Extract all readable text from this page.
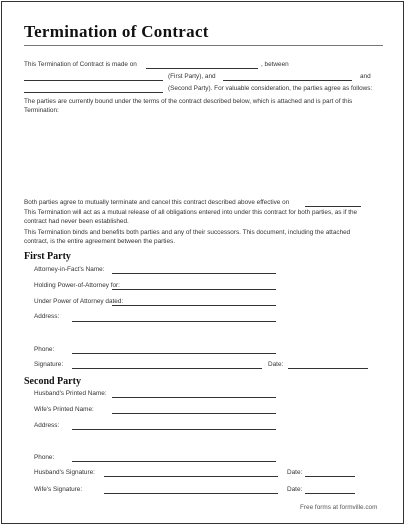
Termination of Contract
This Termination of Contract is made on	, between
(First Party), and	and
(Second Party). For valuable consideration, the parties agree as follows:
The parties are currently bound under the terms of the contract described below, which is attached and is part of this
Termination:
Both parties agree to mutually terminate and cancel this contract described above effective on
This Termination will act as a mutual release of all obligations entered into under this contract for both parties, as if the
contract had never been established.
This Termination binds and benefits both parties and any of their successors. This document, including the attached
contract, is the entire agreement between the parties.
First Party
Attorney-in-Fact's Name:
Holding Power-of-Attorney for:
Under Power of Attorney dated:
Address:
Phone:
Signature:	Date:
Second Party
Husband's Printed Name:
Wife's Printed Name:
Address:
Phone:
Husband's Signature:	Date:
Wife's Signature:	Date:
Free forms at formville.com
